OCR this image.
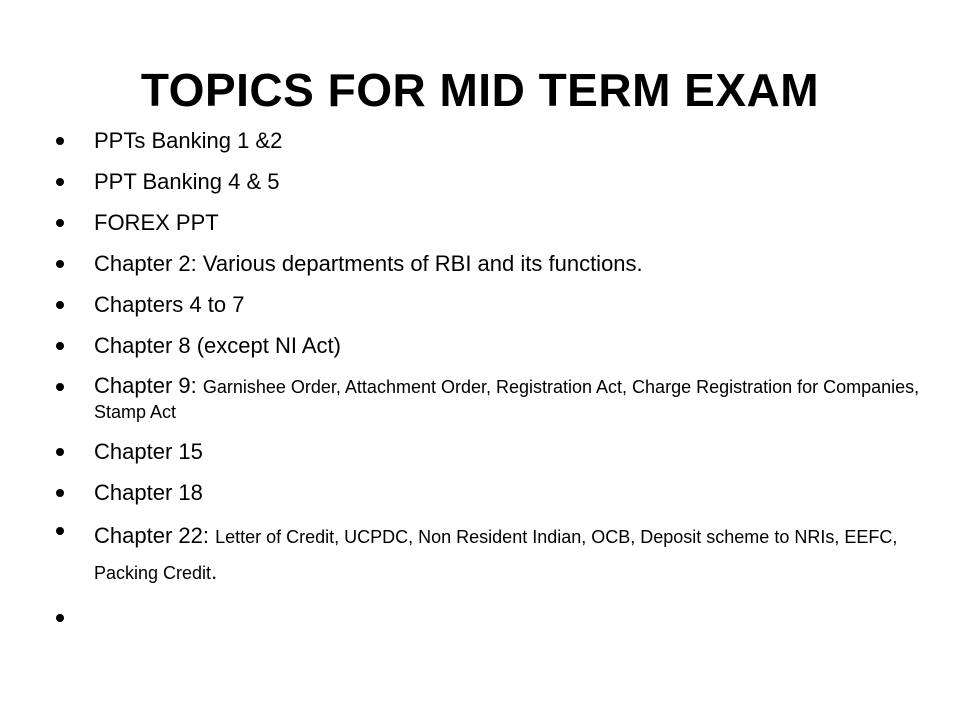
TOPICS FOR MID TERM EXAM
PPTs Banking 1 &2
PPT Banking 4 & 5
FOREX PPT
Chapter 2: Various departments of RBI and its functions.
Chapters 4 to 7
Chapter 8 (except NI Act)
Chapter 9: Garnishee Order, Attachment Order, Registration Act, Charge Registration for Companies, Stamp Act
Chapter 15
Chapter 18
Chapter 22: Letter of Credit, UCPDC, Non Resident Indian, OCB, Deposit scheme to NRIs, EEFC, Packing Credit.
